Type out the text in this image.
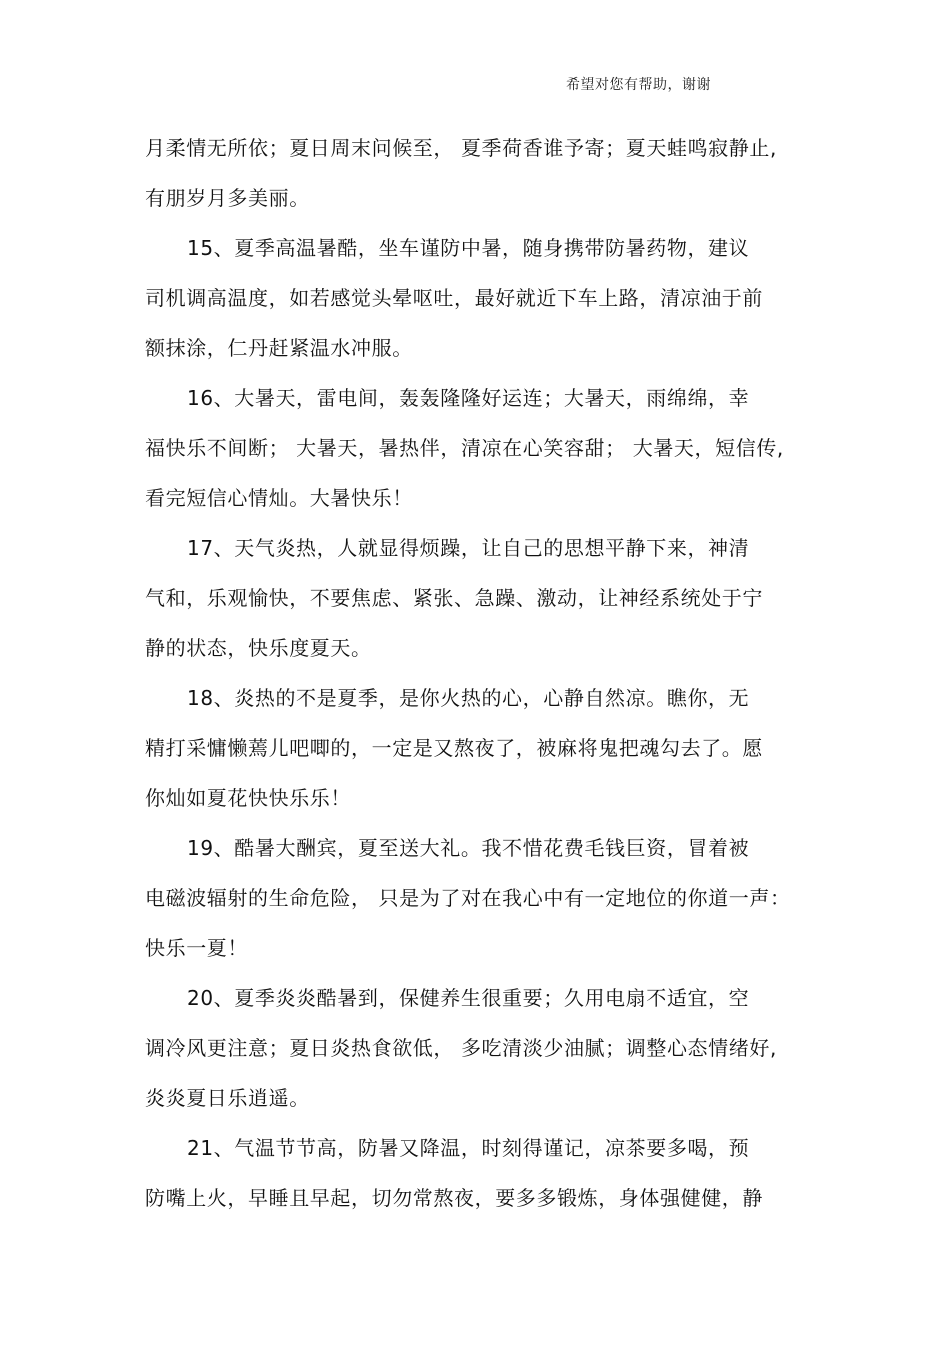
希望对您有帮助，谢谢
月柔情无所依；夏日周末问候至， 夏季荷香谁予寄；夏天蛙鸣寂静止,
有朋岁月多美丽。
15、夏季高温暑酷，坐车谨防中暑，随身携带防暑药物，建议
司机调高温度，如若感觉头晕呕吐，最好就近下车上路，清凉油于前
额抹涂，仁丹赶紧温水冲服。
16、大暑天，雷电间，轰轰隆隆好运连；大暑天，雨绵绵，幸
福快乐不间断； 大暑天，暑热伴，清凉在心笑容甜； 大暑天，短信传,
看完短信心情灿。大暑快乐！
17、天气炎热，人就显得烦躁，让自己的思想平静下来，神清
气和，乐观愉快，不要焦虑、紧张、急躁、激动，让神经系统处于宁
静的状态，快乐度夏天。
18、炎热的不是夏季，是你火热的心，心静自然凉。瞧你，无
精打采慵懒蔫儿吧唧的，一定是又熬夜了，被麻将鬼把魂勾去了。愿
你灿如夏花快快乐乐！
19、酷暑大酬宾，夏至送大礼。我不惜花费毛钱巨资，冒着被
电磁波辐射的生命危险， 只是为了对在我心中有一定地位的你道一声：
快乐一夏！
20、夏季炎炎酷暑到，保健养生很重要；久用电扇不适宜，空
调冷风更注意；夏日炎热食欲低， 多吃清淡少油腻；调整心态情绪好,
炎炎夏日乐逍遥。
21、气温节节高，防暑又降温，时刻得谨记，凉茶要多喝，预
防嘴上火，早睡且早起，切勿常熬夜，要多多锻炼，身体强健健，静
